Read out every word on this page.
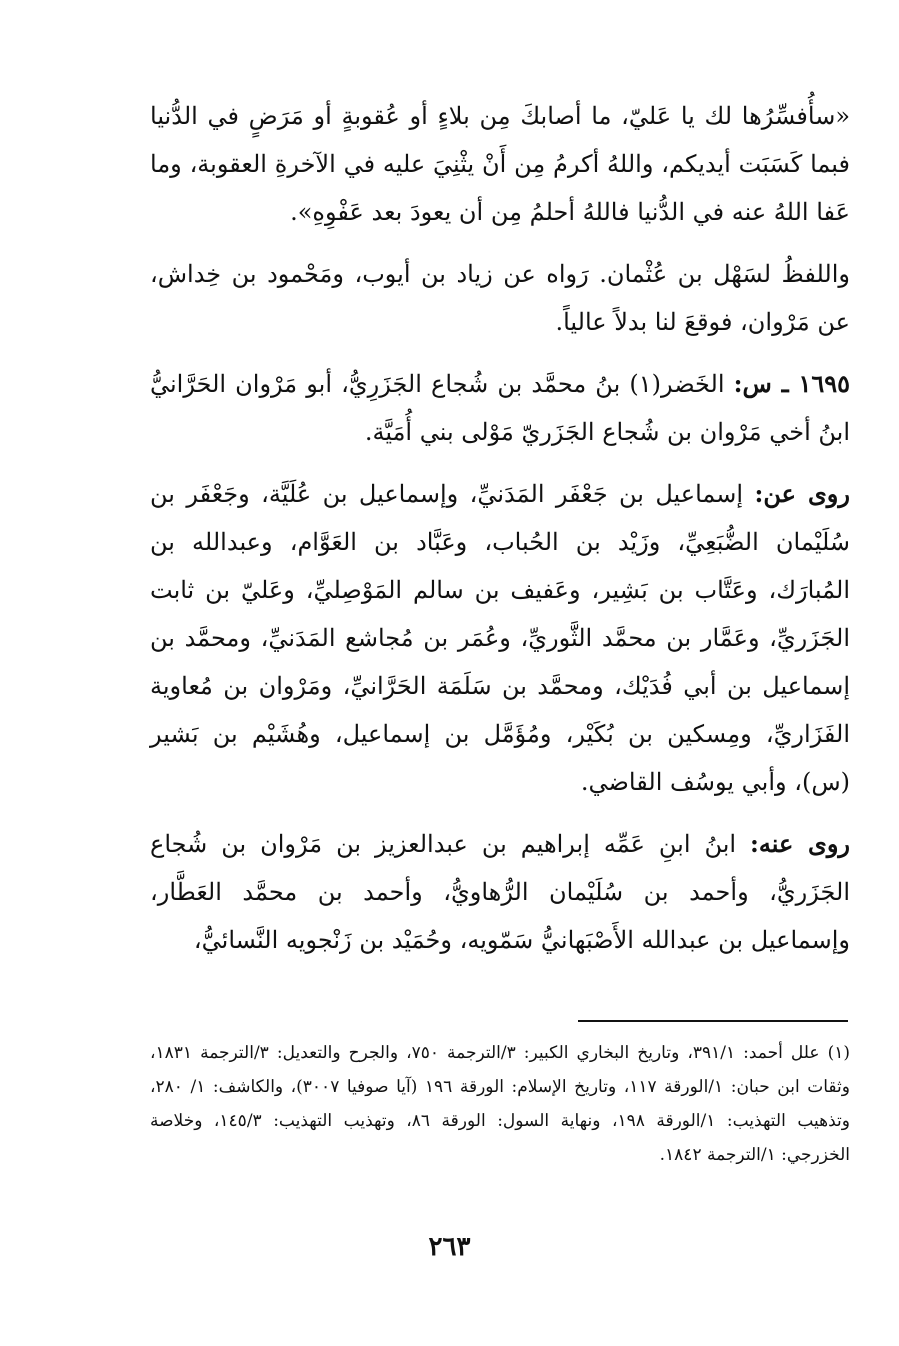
«سأُفسِّرُها لك يا عَليّ، ما أصابكَ مِن بلاءٍ أو عُقوبةٍ أو مَرَضٍ في الدُّنيا فبما كَسَبَت أيديكم، واللهُ أكرمُ مِن أَنْ يثْنِيَ عليه في الآخرةِ العقوبة، وما عَفا اللهُ عنه في الدُّنيا فاللهُ أحلمُ مِن أن يعودَ بعد عَفْوِهِ».

واللفظُ لسَهْل بن عُثْمان. رَواه عن زياد بن أيوب، ومَحْمود بن خِداش، عن مَرْوان، فوقعَ لنا بدلاً عالياً.

١٦٩٥ ـ س: الخَضر(١) بنُ محمَّد بن شُجاع الجَزَرِيُّ، أبو مَرْوان الحَرَّانيُّ ابنُ أخي مَرْوان بن شُجاع الجَزَريّ مَوْلى بني أُمَيَّة.

روى عن: إسماعيل بن جَعْفَر المَدَنيِّ، وإسماعيل بن عُلَيَّة، وجَعْفَر بن سُلَيْمان الضُّبَعِيِّ، وزَيْد بن الحُباب، وعَبَّاد بن العَوَّام، وعبدالله بن المُبارَك، وعَتَّاب بن بَشِير، وعَفيف بن سالم المَوْصِليِّ، وعَليّ بن ثابت الجَزَريِّ، وعَمَّار بن محمَّد الثَّوريِّ، وعُمَر بن مُجاشع المَدَنيِّ، ومحمَّد بن إسماعيل بن أبي فُدَيْك، ومحمَّد بن سَلَمَة الحَرَّانيِّ، ومَرْوان بن مُعاوية الفَزَاريِّ، ومِسكين بن بُكَيْر، ومُؤَمَّل بن إسماعيل، وهُشَيْم بن بَشير (س)، وأبي يوسُف القاضي.

روى عنه: ابنُ ابنِ عَمِّه إبراهيم بن عبدالعزيز بن مَرْوان بن شُجاع الجَزَريُّ، وأحمد بن سُلَيْمان الرُّهاويُّ، وأحمد بن محمَّد العَطَّار، وإسماعيل بن عبدالله الأَصْبَهانيُّ سَمّويه، وحُمَيْد بن زَنْجويه النَّسائيُّ،

(١) علل أحمد: ٣٩١/١، وتاريخ البخاري الكبير: ٣/الترجمة ٧٥٠، والجرح والتعديل: ٣/الترجمة ١٨٣١، وثقات ابن حبان: ١/الورقة ١١٧، وتاريخ الإسلام: الورقة ١٩٦ (آيا صوفيا ٣٠٠٧)، والكاشف: ١/ ٢٨٠، وتذهيب التهذيب: ١/الورقة ١٩٨، ونهاية السول: الورقة ٨٦، وتهذيب التهذيب: ١٤٥/٣، وخلاصة الخزرجي: ١/الترجمة ١٨٤٢.

٢٦٣
